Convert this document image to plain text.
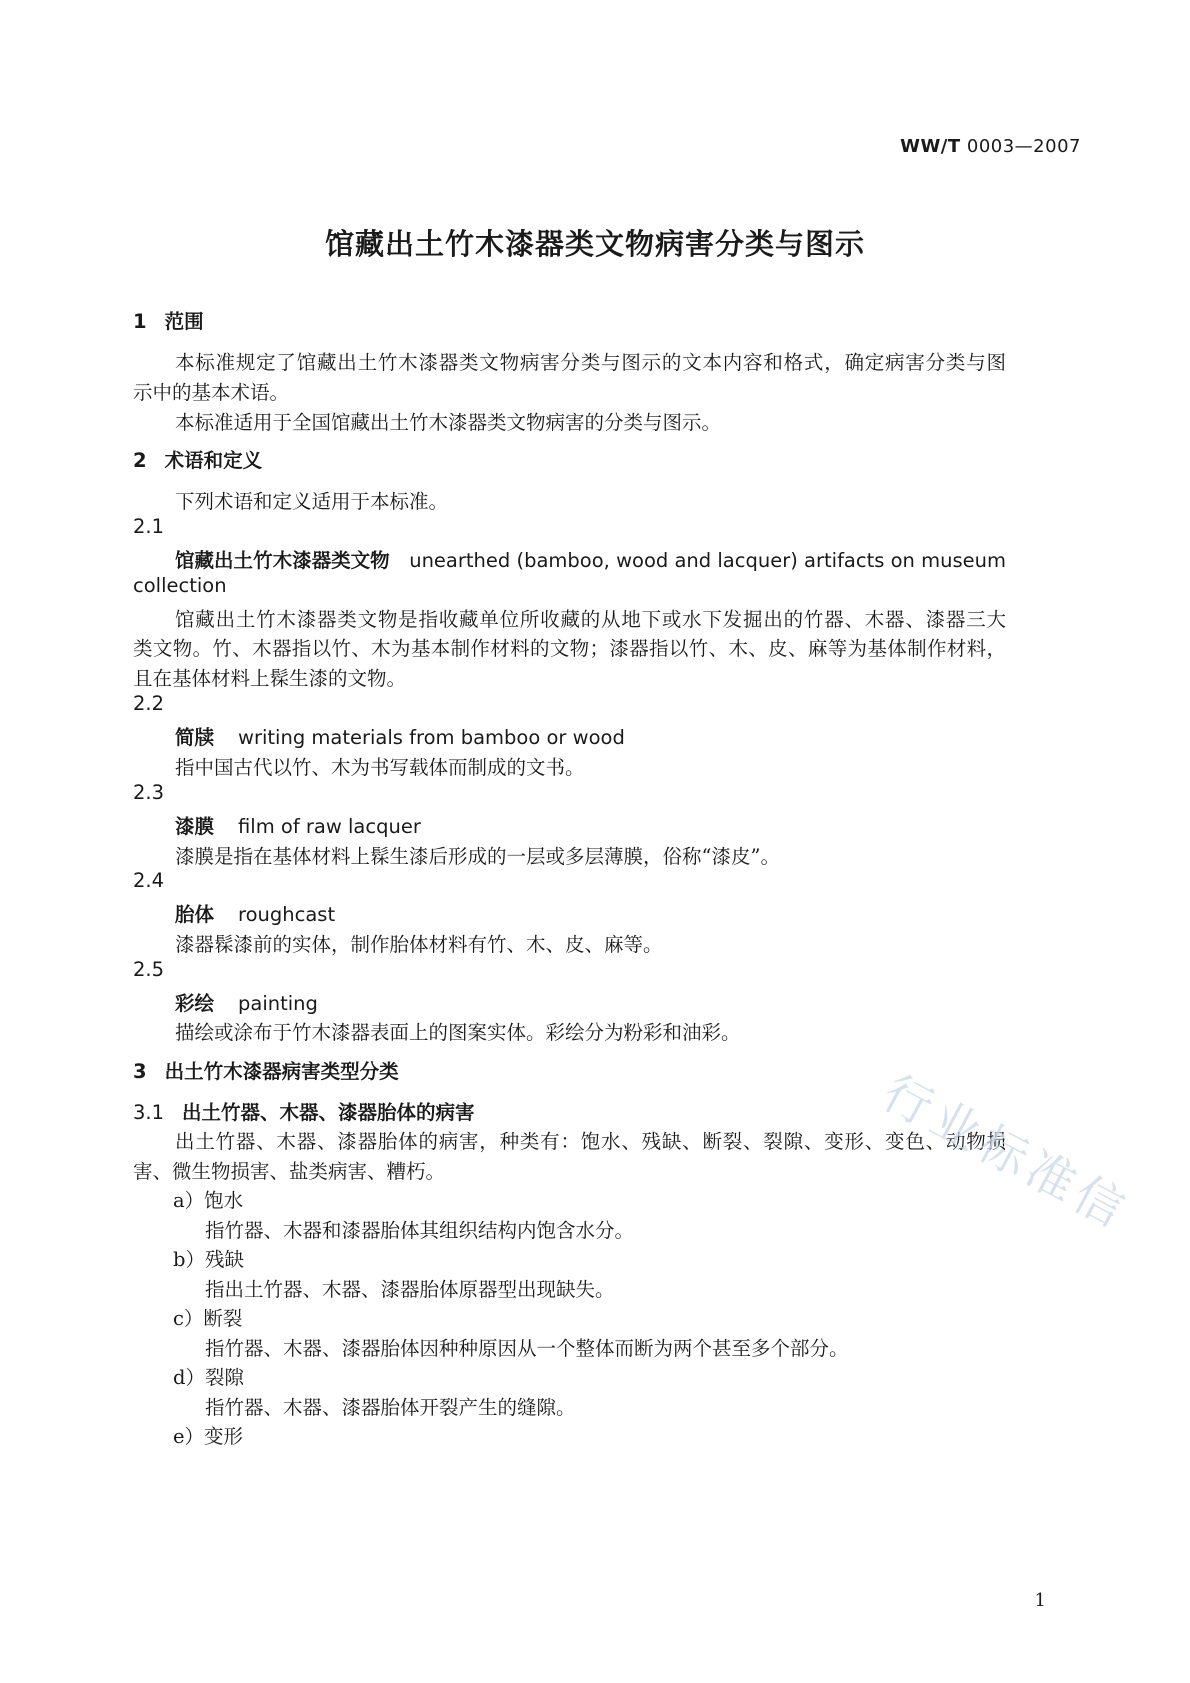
WW/T 0003—2007
馆藏出土竹木漆器类文物病害分类与图示
1 范围
本标准规定了馆藏出土竹木漆器类文物病害分类与图示的文本内容和格式，确定病害分类与图
示中的基本术语。
本标准适用于全国馆藏出土竹木漆器类文物病害的分类与图示。
2 术语和定义
下列术语和定义适用于本标准。
2.1
馆藏出土竹木漆器类文物　 unearthed (bamboo, wood and lacquer) artifacts on museum
collection
馆藏出土竹木漆器类文物是指收藏单位所收藏的从地下或水下发掘出的竹器、木器、漆器三大
类文物。竹、木器指以竹、木为基本制作材料的文物；漆器指以竹、木、皮、麻等为基体制作材料，
且在基体材料上髹生漆的文物。
2.2
简牍 writing materials from bamboo or wood
指中国古代以竹、木为书写载体而制成的文书。
2.3
漆膜 film of raw lacquer
漆膜是指在基体材料上髹生漆后形成的一层或多层薄膜，俗称“漆皮”。
2.4
胎体 roughcast
漆器髹漆前的实体，制作胎体材料有竹、木、皮、麻等。
2.5
彩绘 painting
描绘或涂布于竹木漆器表面上的图案实体。彩绘分为粉彩和油彩。
3 出土竹木漆器病害类型分类
3.1 出土竹器、木器、漆器胎体的病害
出土竹器、木器、漆器胎体的病害，种类有：饱水、残缺、断裂、裂隙、变形、变色、动物损
害、微生物损害、盐类病害、糟朽。
a）饱水
指竹器、木器和漆器胎体其组织结构内饱含水分。
b）残缺
指出土竹器、木器、漆器胎体原器型出现缺失。
c）断裂
指竹器、木器、漆器胎体因种种原因从一个整体而断为两个甚至多个部分。
d）裂隙
指竹器、木器、漆器胎体开裂产生的缝隙。
e）变形
行业标准信
1
